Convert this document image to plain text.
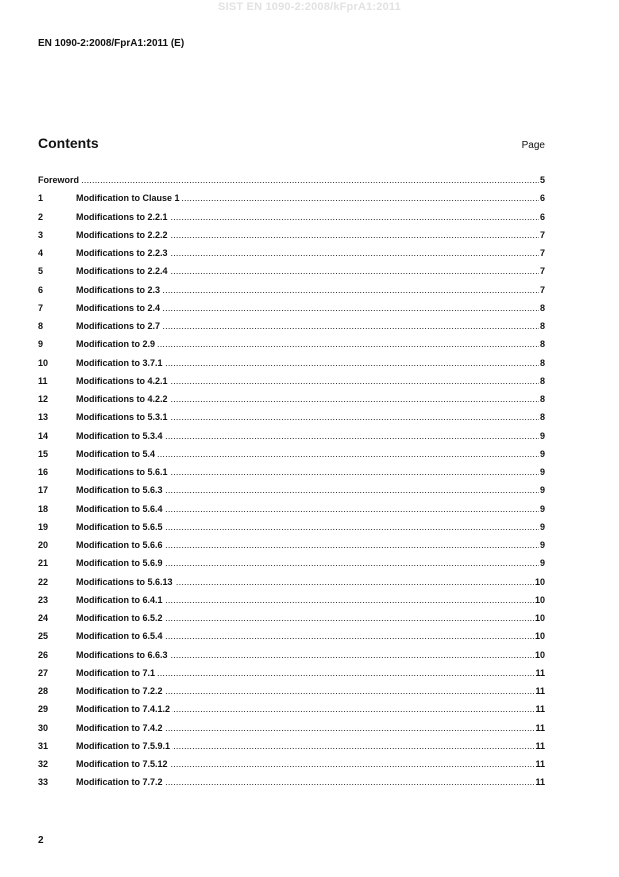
SIST EN 1090-2:2008/kFprA1:2011
EN 1090-2:2008/FprA1:2011 (E)
Contents	Page
Foreword .....	5
1	Modification to Clause 1 .....	6
2	Modifications to 2.2.1 .....	6
3	Modifications to 2.2.2 .....	7
4	Modifications to 2.2.3 .....	7
5	Modifications to 2.2.4 .....	7
6	Modifications to 2.3 .....	7
7	Modifications to 2.4 .....	8
8	Modifications to 2.7 .....	8
9	Modification to 2.9 .....	8
10	Modification to 3.7.1 .....	8
11	Modifications to 4.2.1 .....	8
12	Modifications to 4.2.2 .....	8
13	Modifications to 5.3.1 .....	8
14	Modification to 5.3.4 .....	9
15	Modification to 5.4 .....	9
16	Modifications to 5.6.1 .....	9
17	Modification to 5.6.3 .....	9
18	Modification to 5.6.4 .....	9
19	Modification to 5.6.5 .....	9
20	Modification to 5.6.6 .....	9
21	Modification to 5.6.9 .....	9
22	Modifications to 5.6.13 .....	10
23	Modification to 6.4.1 .....	10
24	Modification to 6.5.2 .....	10
25	Modification to 6.5.4 .....	10
26	Modifications to 6.6.3 .....	10
27	Modification to 7.1 .....	11
28	Modification to 7.2.2 .....	11
29	Modification to 7.4.1.2 .....	11
30	Modification to 7.4.2 .....	11
31	Modification to 7.5.9.1 .....	11
32	Modification to 7.5.12 .....	11
33	Modification to 7.7.2 .....	11
2
